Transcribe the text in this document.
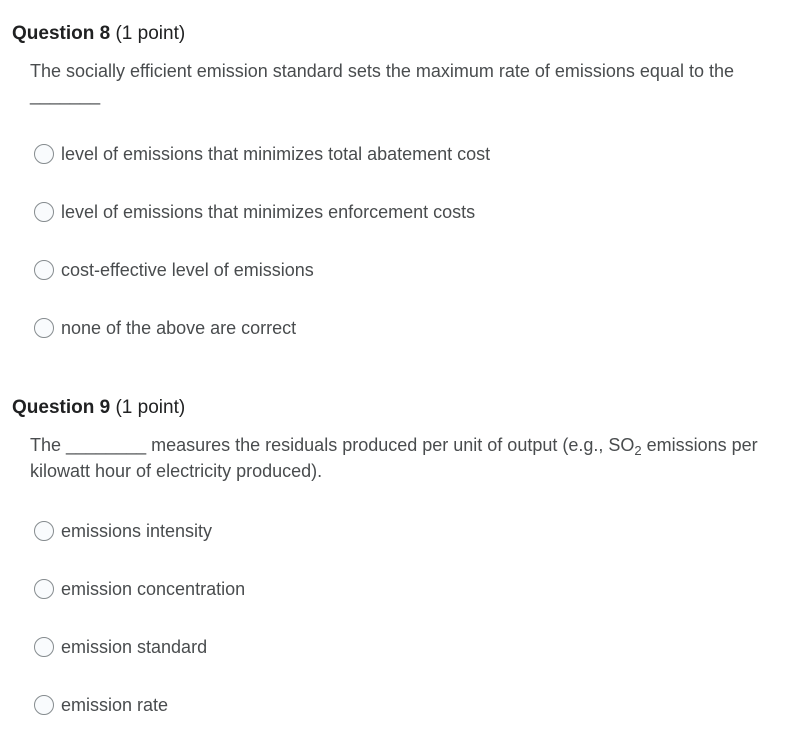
Question 8 (1 point)
The socially efficient emission standard sets the maximum rate of emissions equal to the _______
level of emissions that minimizes total abatement cost
level of emissions that minimizes enforcement costs
cost-effective level of emissions
none of the above are correct
Question 9 (1 point)
The ________ measures the residuals produced per unit of output (e.g., $SO_2$ emissions per kilowatt hour of electricity produced).
emissions intensity
emission concentration
emission standard
emission rate
